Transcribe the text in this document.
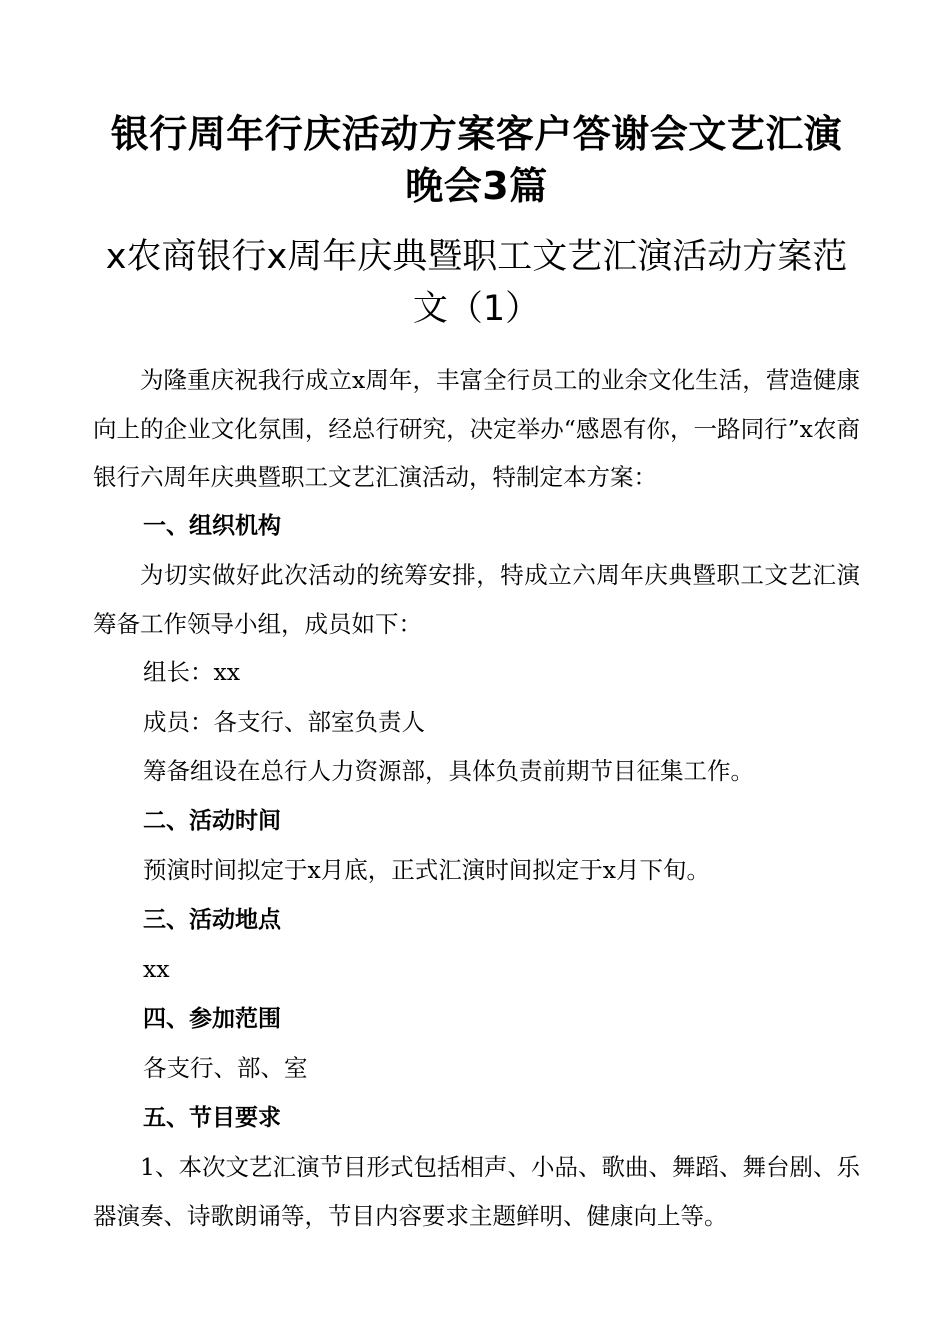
银行周年行庆活动方案客户答谢会文艺汇演晚会3篇
x农商银行x周年庆典暨职工文艺汇演活动方案范文（1）

为隆重庆祝我行成立x周年，丰富全行员工的业余文化生活，营造健康向上的企业文化氛围，经总行研究，决定举办“感恩有你，一路同行”x农商银行六周年庆典暨职工文艺汇演活动，特制定本方案：

一、组织机构

为切实做好此次活动的统筹安排，特成立六周年庆典暨职工文艺汇演筹备工作领导小组，成员如下：

组长：xx

成员：各支行、部室负责人

筹备组设在总行人力资源部，具体负责前期节目征集工作。

二、活动时间

预演时间拟定于x月底，正式汇演时间拟定于x月下旬。

三、活动地点

xx

四、参加范围

各支行、部、室

五、节目要求

1、本次文艺汇演节目形式包括相声、小品、歌曲、舞蹈、舞台剧、乐器演奏、诗歌朗诵等，节目内容要求主题鲜明、健康向上等。
